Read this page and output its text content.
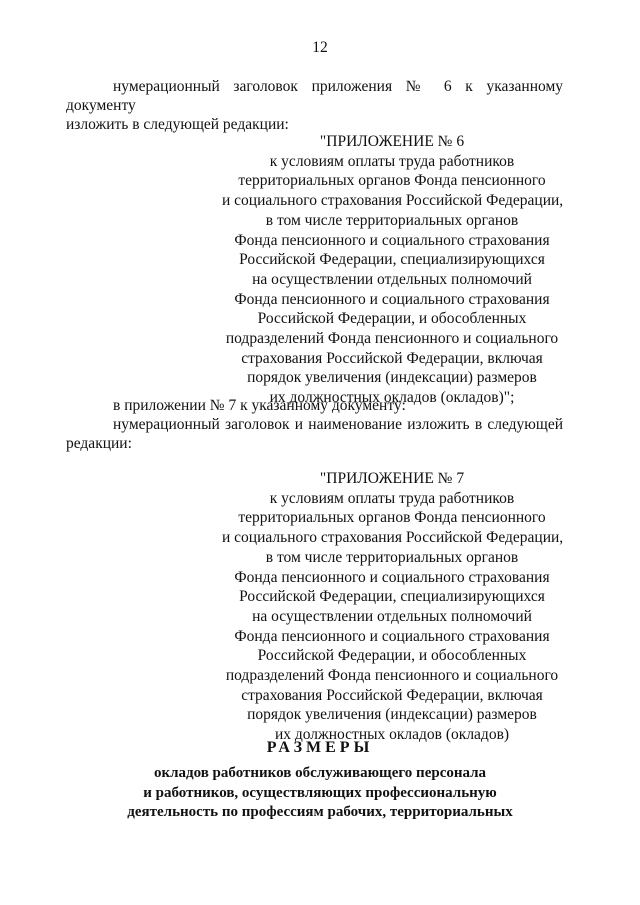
12
нумерационный заголовок приложения № 6 к указанному документу
изложить в следующей редакции:
"ПРИЛОЖЕНИЕ № 6
к условиям оплаты труда работников
территориальных органов Фонда пенсионного
и социального страхования Российской Федерации,
в том числе территориальных органов
Фонда пенсионного и социального страхования
Российской Федерации, специализирующихся
на осуществлении отдельных полномочий
Фонда пенсионного и социального страхования
Российской Федерации, и обособленных
подразделений Фонда пенсионного и социального
страхования Российской Федерации, включая
порядок увеличения (индексации) размеров
их должностных окладов (окладов)";
в приложении № 7 к указанному документу:
нумерационный заголовок и наименование изложить в следующей
редакции:
"ПРИЛОЖЕНИЕ № 7
к условиям оплаты труда работников
территориальных органов Фонда пенсионного
и социального страхования Российской Федерации,
в том числе территориальных органов
Фонда пенсионного и социального страхования
Российской Федерации, специализирующихся
на осуществлении отдельных полномочий
Фонда пенсионного и социального страхования
Российской Федерации, и обособленных
подразделений Фонда пенсионного и социального
страхования Российской Федерации, включая
порядок увеличения (индексации) размеров
их должностных окладов (окладов)
РАЗМЕРЫ
окладов работников обслуживающего персонала
и работников, осуществляющих профессиональную
деятельность по профессиям рабочих, территориальных
